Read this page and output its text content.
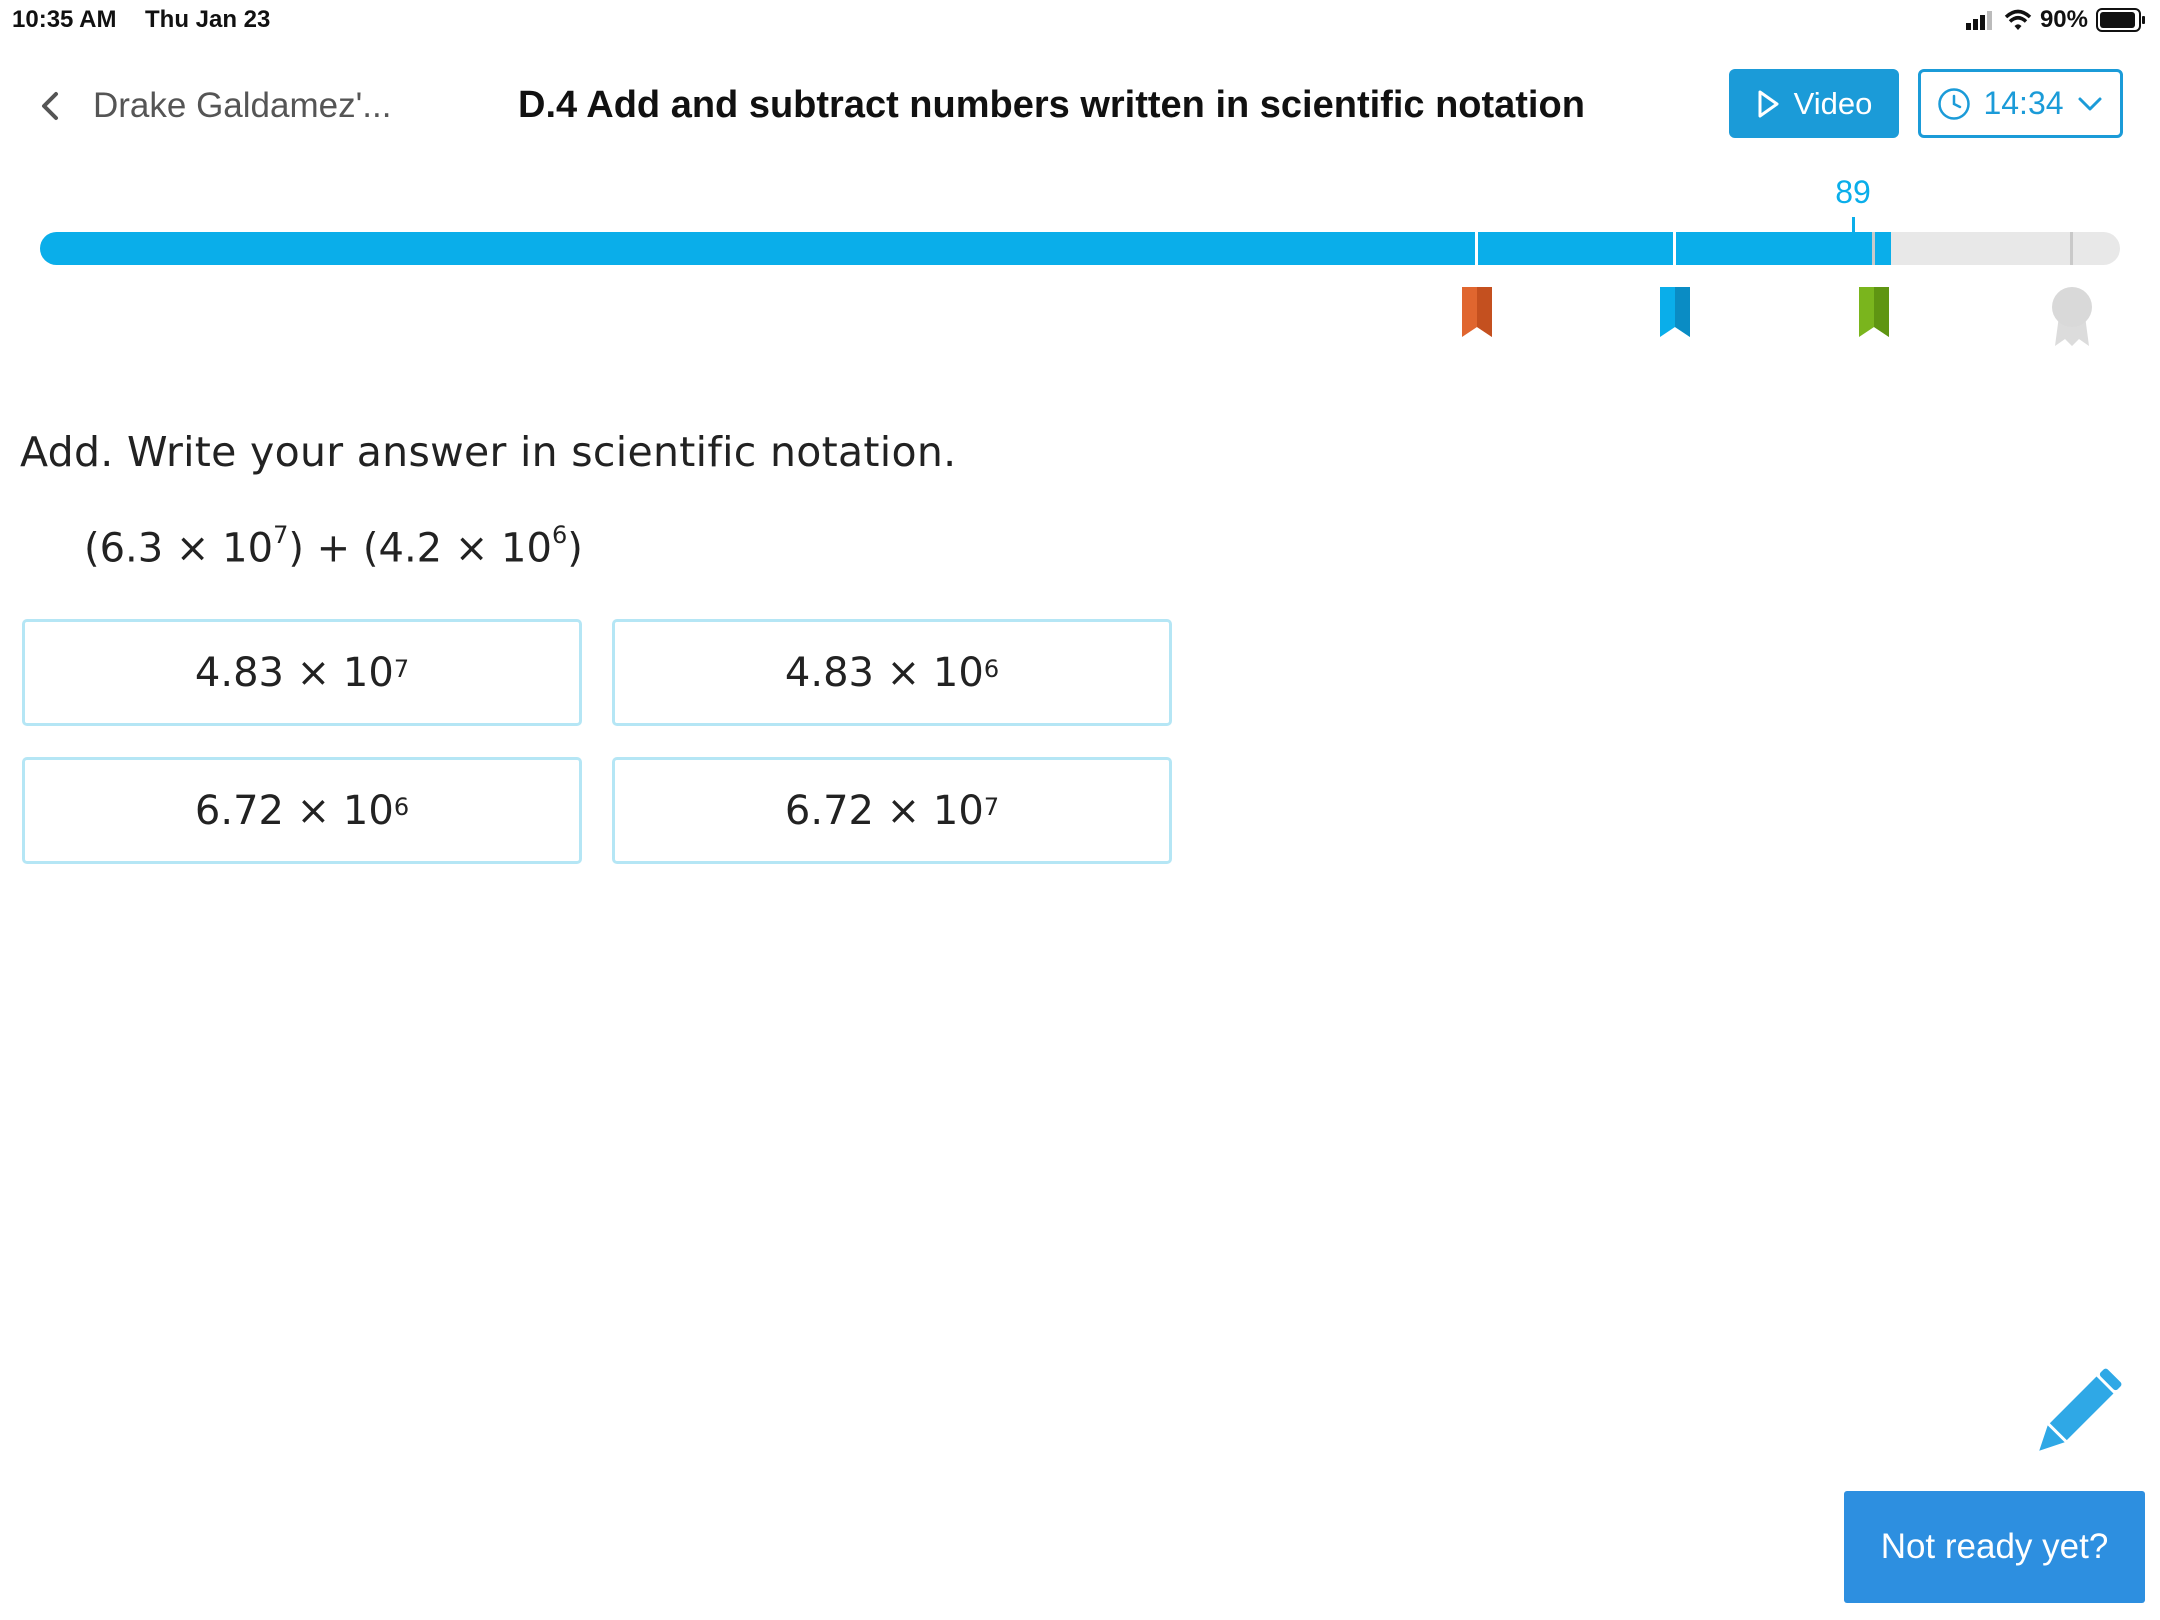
10:35 AM Thu Jan 23	90%
Drake Galdamez'...	D.4 Add and subtract numbers written in scientific notation	Video	14:34
89
Add. Write your answer in scientific notation.
$(6.3 \times 10^7) + (4.2 \times 10^6)$
$4.83 \times 10^7$	$4.83 \times 10^6$
$6.72 \times 10^6$	$6.72 \times 10^7$
Not ready yet?
